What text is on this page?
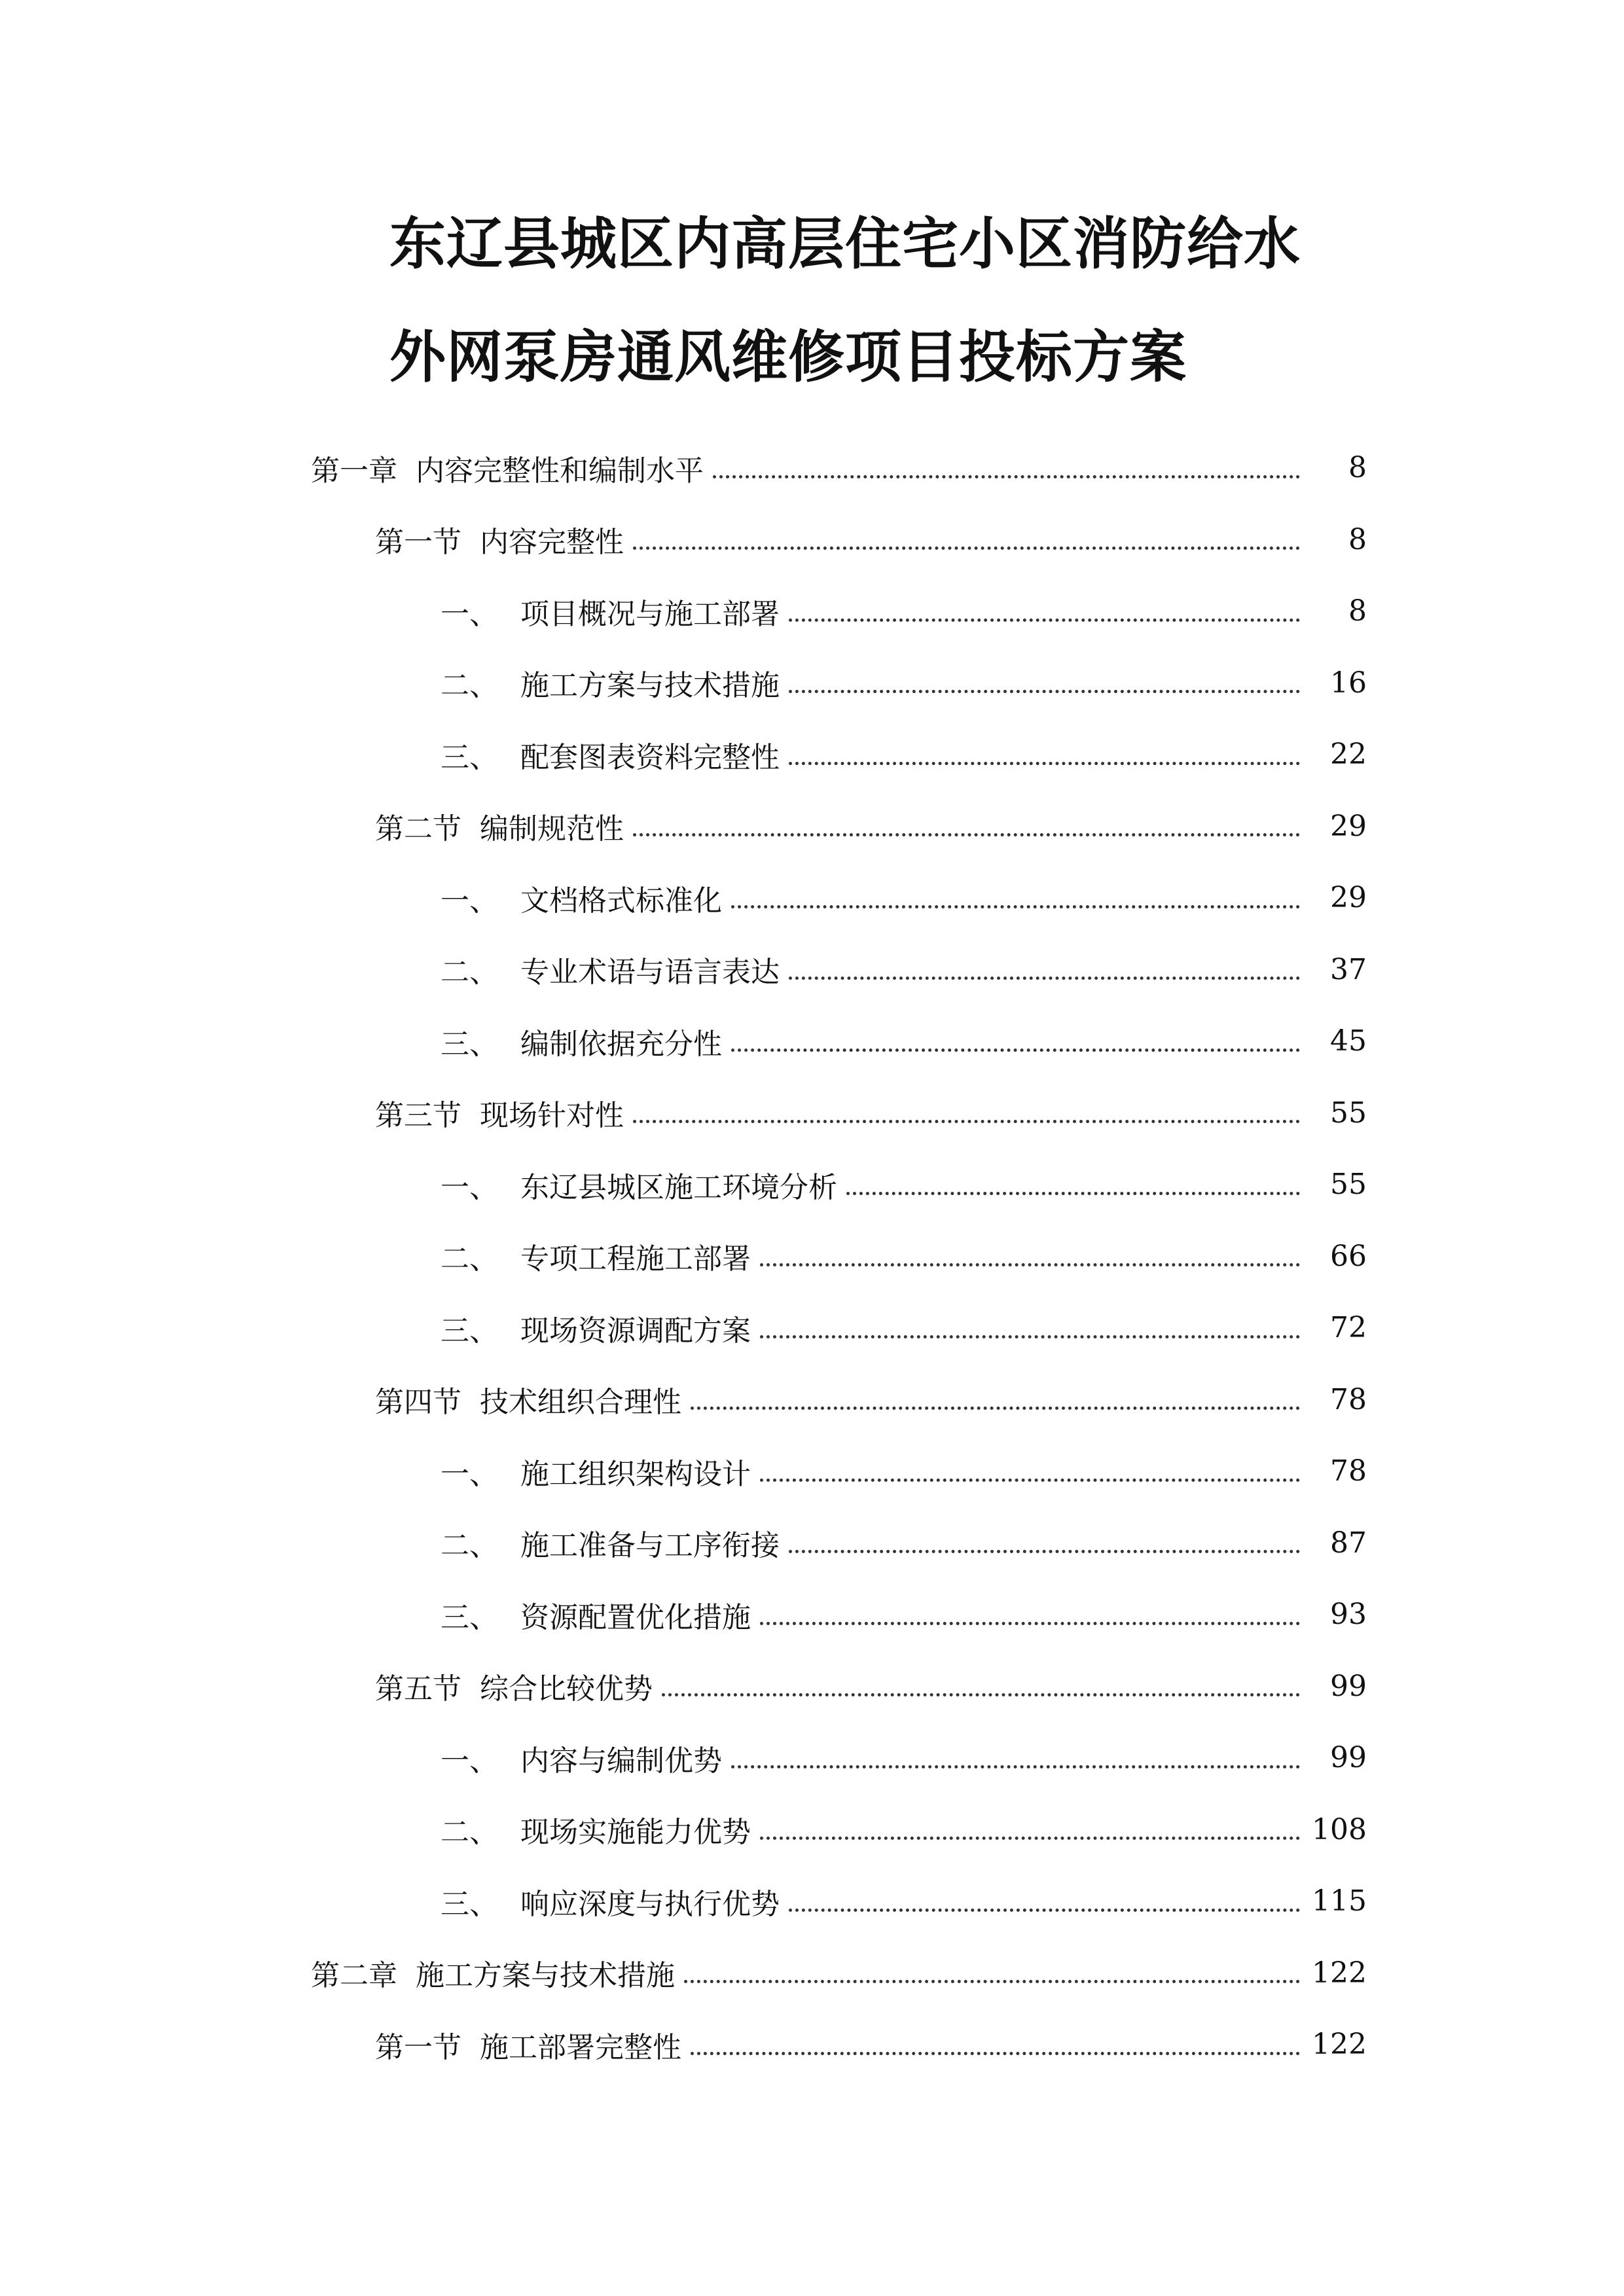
东辽县城区内高层住宅小区消防给水
外网泵房通风维修项目投标方案
第一章 内容完整性和编制水平	8
第一节 内容完整性	8
一、 项目概况与施工部署	8
二、 施工方案与技术措施	16
三、 配套图表资料完整性	22
第二节 编制规范性	29
一、 文档格式标准化	29
二、 专业术语与语言表达	37
三、 编制依据充分性	45
第三节 现场针对性	55
一、 东辽县城区施工环境分析	55
二、 专项工程施工部署	66
三、 现场资源调配方案	72
第四节 技术组织合理性	78
一、 施工组织架构设计	78
二、 施工准备与工序衔接	87
三、 资源配置优化措施	93
第五节 综合比较优势	99
一、 内容与编制优势	99
二、 现场实施能力优势	108
三、 响应深度与执行优势	115
第二章 施工方案与技术措施	122
第一节 施工部署完整性	122
